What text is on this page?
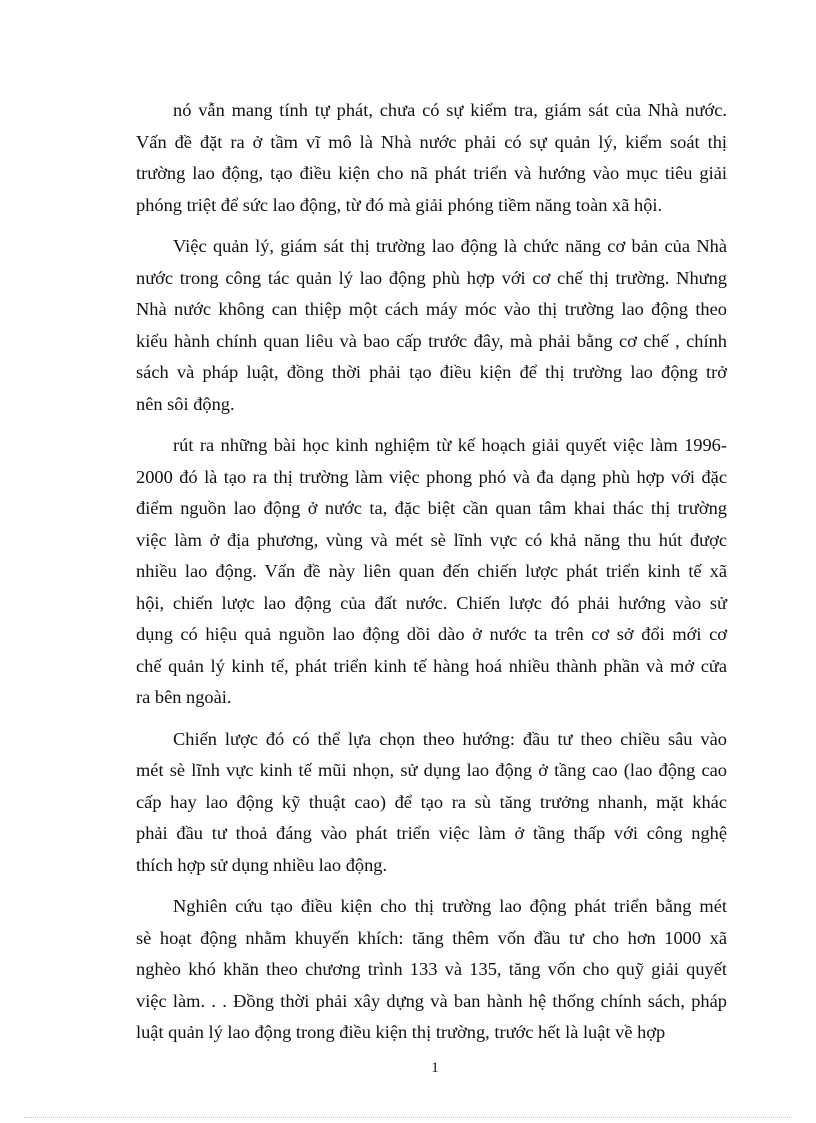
nó vẫn mang tính tự phát, chưa có sự kiểm tra, giám sát của Nhà nước.
Vấn đề đặt ra ở tầm vĩ mô là Nhà nước phải có sự quản lý, kiểm soát thị
trường lao động, tạo điều kiện cho nã phát triển và hướng vào mục tiêu giải
phóng triệt để sức lao động, từ đó mà giải phóng tiềm năng toàn xã hội.

Việc quản lý, giám sát thị trường lao động là chức năng cơ bản của Nhà
nước trong công tác quản lý lao động phù hợp với cơ chế thị trường. Nhưng
Nhà nước không can thiệp một cách máy móc vào thị trường lao động theo
kiểu hành chính quan liêu và bao cấp trước đây, mà phải bằng cơ chế , chính
sách và pháp luật, đồng thời phải tạo điều kiện để thị trường lao động trở
nên sôi động.

rút ra những bài học kinh nghiệm từ kế hoạch giải quyết việc làm 1996-
2000 đó là tạo ra thị trường làm việc phong phó và đa dạng phù hợp với đặc
điểm nguồn lao động ở nước ta, đặc biệt cần quan tâm khai thác thị trường
việc làm ở địa phương, vùng và mét sè lĩnh vực có khả năng thu hút được
nhiều lao động. Vấn đề này liên quan đến chiến lược phát triển kinh tế xã
hội, chiến lược lao động của đất nước. Chiến lược đó phải hướng vào sử
dụng có hiệu quả nguồn lao động dồi dào ở nước ta trên cơ sở đổi mới cơ
chế quản lý kinh tế, phát triển kinh tế hàng hoá nhiều thành phần và mở cửa
ra bên ngoài.

Chiến lược đó có thể lựa chọn theo hướng: đầu tư theo chiều sâu vào
mét sè lĩnh vực kinh tế mũi nhọn, sử dụng lao động ở tầng cao (lao động cao
cấp hay lao động kỹ thuật cao) để tạo ra sù tăng trưởng nhanh, mặt khác
phải đầu tư thoả đáng vào phát triển việc làm ở tầng thấp với công nghệ
thích hợp sử dụng nhiều lao động.

Nghiên cứu tạo điều kiện cho thị trường lao động phát triển bằng mét
sè hoạt động nhằm khuyến khích: tăng thêm vốn đầu tư cho hơn 1000 xã
nghèo khó khăn theo chương trình 133 và 135, tăng vốn cho quỹ giải quyết
việc làm. . . Đồng thời phải xây dựng và ban hành hệ thống chính sách, pháp
luật quản lý lao động trong điều kiện thị trường, trước hết là luật về hợp

1
